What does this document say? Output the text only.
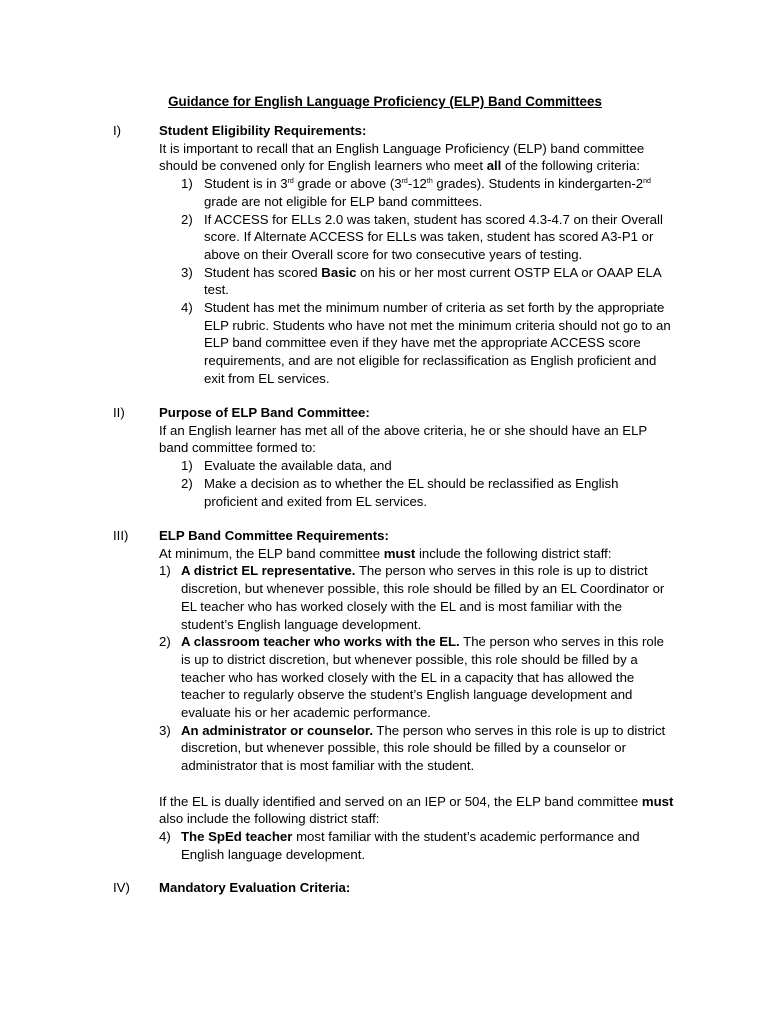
Guidance for English Language Proficiency (ELP) Band Committees
I)	Student Eligibility Requirements:

It is important to recall that an English Language Proficiency (ELP) band committee should be convened only for English learners who meet all of the following criteria:

1) Student is in 3rd grade or above (3rd-12th grades). Students in kindergarten-2nd grade are not eligible for ELP band committees.
2) If ACCESS for ELLs 2.0 was taken, student has scored 4.3-4.7 on their Overall score. If Alternate ACCESS for ELLs was taken, student has scored A3-P1 or above on their Overall score for two consecutive years of testing.
3) Student has scored Basic on his or her most current OSTP ELA or OAAP ELA test.
4) Student has met the minimum number of criteria as set forth by the appropriate ELP rubric. Students who have not met the minimum criteria should not go to an ELP band committee even if they have met the appropriate ACCESS score requirements, and are not eligible for reclassification as English proficient and exit from EL services.
II)	Purpose of ELP Band Committee:

If an English learner has met all of the above criteria, he or she should have an ELP band committee formed to:

1) Evaluate the available data, and
2) Make a decision as to whether the EL should be reclassified as English proficient and exited from EL services.
III) ELP Band Committee Requirements:

At minimum, the ELP band committee must include the following district staff:

1) A district EL representative. The person who serves in this role is up to district discretion, but whenever possible, this role should be filled by an EL Coordinator or EL teacher who has worked closely with the EL and is most familiar with the student’s English language development.
2) A classroom teacher who works with the EL. The person who serves in this role is up to district discretion, but whenever possible, this role should be filled by a teacher who has worked closely with the EL in a capacity that has allowed the teacher to regularly observe the student’s English language development and evaluate his or her academic performance.
3) An administrator or counselor. The person who serves in this role is up to district discretion, but whenever possible, this role should be filled by a counselor or administrator that is most familiar with the student.

If the EL is dually identified and served on an IEP or 504, the ELP band committee must also include the following district staff:

4) The SpEd teacher most familiar with the student’s academic performance and English language development.
IV) Mandatory Evaluation Criteria:
